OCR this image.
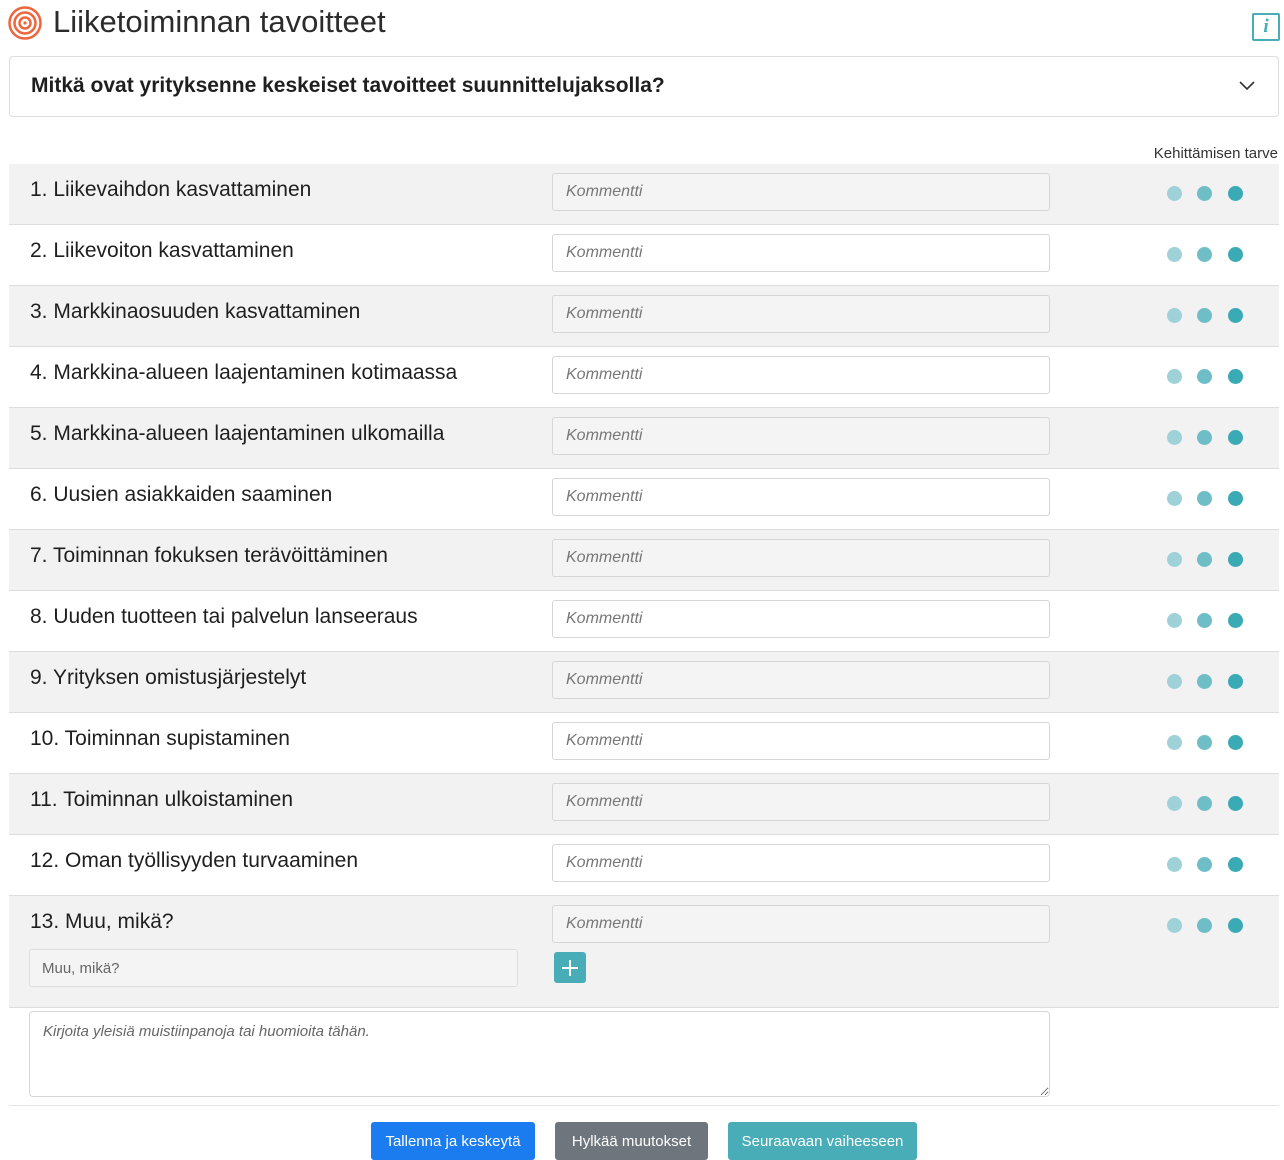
Liiketoiminnan tavoitteet	i
Mitkä ovat yrityksenne keskeiset tavoitteet suunnittelujaksolla?
Kehittämisen tarve
1. Liikevaihdon kasvattaminen
Kommentti
2. Liikevoiton kasvattaminen
Kommentti
3. Markkinaosuuden kasvattaminen
Kommentti
4. Markkina-alueen laajentaminen kotimaassa
Kommentti
5. Markkina-alueen laajentaminen ulkomailla
Kommentti
6. Uusien asiakkaiden saaminen
Kommentti
7. Toiminnan fokuksen terävöittäminen
Kommentti
8. Uuden tuotteen tai palvelun lanseeraus
Kommentti
9. Yrityksen omistusjärjestelyt
Kommentti
10. Toiminnan supistaminen
Kommentti
11. Toiminnan ulkoistaminen
Kommentti
12. Oman työllisyyden turvaaminen
Kommentti
13. Muu, mikä?
Kommentti
Muu, mikä?
Kirjoita yleisiä muistiinpanoja tai huomioita tähän.
Tallenna ja keskeytä	Hylkää muutokset	Seuraavaan vaiheeseen
